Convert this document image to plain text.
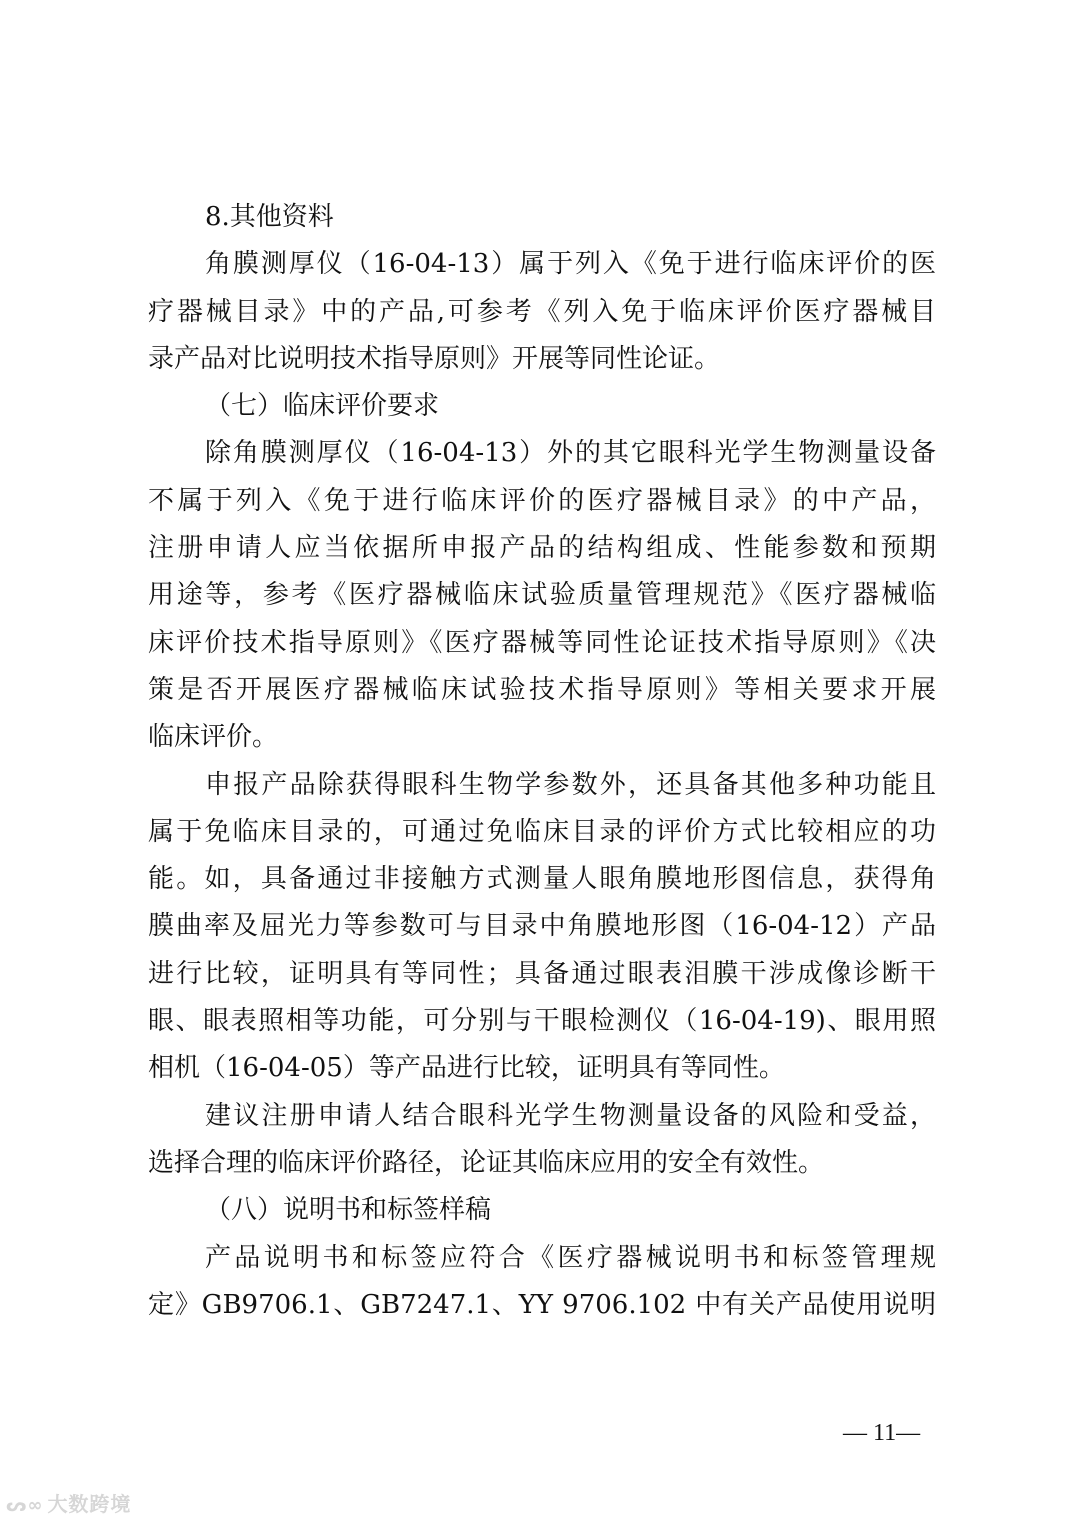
8.其他资料
角膜测厚仪（16-04-13）属于列入《免于进行临床评价的医
疗器械目录》中的产品,可参考《列入免于临床评价医疗器械目
录产品对比说明技术指导原则》开展等同性论证。
（七）临床评价要求
除角膜测厚仪（16-04-13）外的其它眼科光学生物测量设备
不属于列入《免于进行临床评价的医疗器械目录》的中产品，
注册申请人应当依据所申报产品的结构组成、性能参数和预期
用途等，参考《医疗器械临床试验质量管理规范》《医疗器械临
床评价技术指导原则》《医疗器械等同性论证技术指导原则》《决
策是否开展医疗器械临床试验技术指导原则》等相关要求开展
临床评价。
申报产品除获得眼科生物学参数外，还具备其他多种功能且
属于免临床目录的，可通过免临床目录的评价方式比较相应的功
能。如，具备通过非接触方式测量人眼角膜地形图信息，获得角
膜曲率及屈光力等参数可与目录中角膜地形图（16-04-12）产品
进行比较，证明具有等同性；具备通过眼表泪膜干涉成像诊断干
眼、眼表照相等功能，可分别与干眼检测仪（16-04-19)、眼用照
相机（16-04-05）等产品进行比较，证明具有等同性。
建议注册申请人结合眼科光学生物测量设备的风险和受益，
选择合理的临床评价路径，论证其临床应用的安全有效性。
（八）说明书和标签样稿
产品说明书和标签应符合《医疗器械说明书和标签管理规
定》GB9706.1、GB7247.1、YY 9706.102 中有关产品使用说明
— 11—
ᔕ∞ 大数跨境
